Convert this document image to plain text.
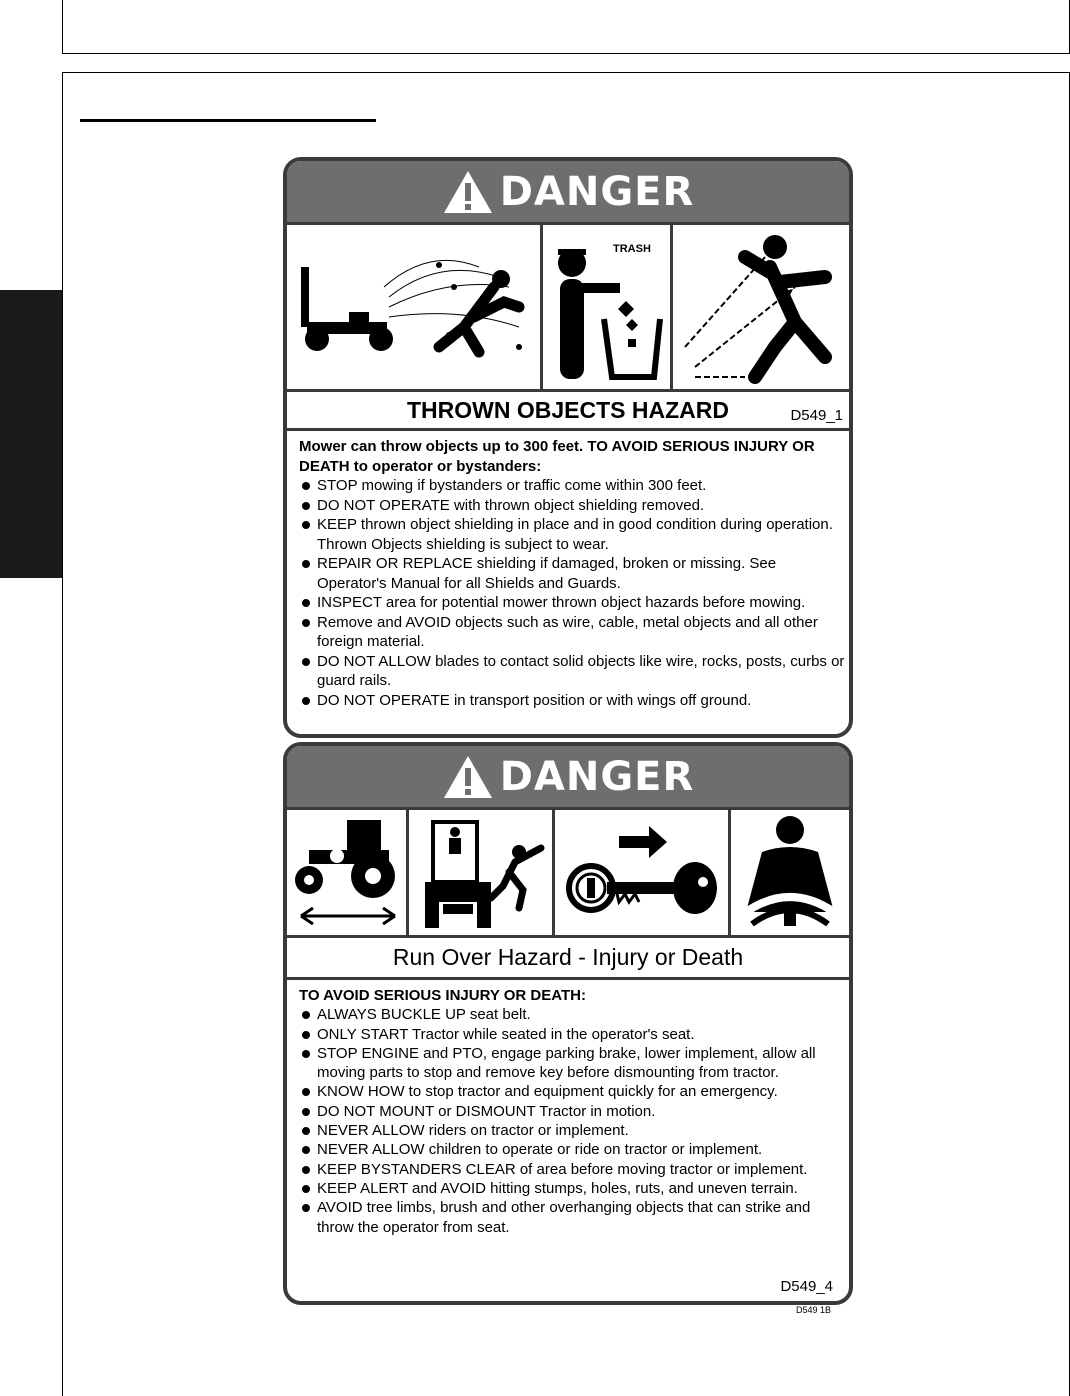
DANGER
TRASH
THROWN OBJECTS HAZARD	D549_1
Mower can throw objects up to 300 feet. TO AVOID SERIOUS INJURY OR DEATH to operator or bystanders:
STOP mowing if bystanders or traffic come within 300 feet.
DO NOT OPERATE with thrown object shielding removed.
KEEP thrown object shielding in place and in good condition during operation. Thrown Objects shielding is subject to wear.
REPAIR OR REPLACE shielding if damaged, broken or missing. See Operator's Manual for all Shields and Guards.
INSPECT area for potential mower thrown object hazards before mowing.
Remove and AVOID objects such as wire, cable, metal objects and all other foreign material.
DO NOT ALLOW blades to contact solid objects like wire, rocks, posts, curbs or guard rails.
DO NOT OPERATE in transport position or with wings off ground.
DANGER
Run Over Hazard - Injury or Death
TO AVOID SERIOUS INJURY OR DEATH:
ALWAYS BUCKLE UP seat belt.
ONLY START Tractor while seated in the operator's seat.
STOP ENGINE and PTO, engage parking brake, lower implement, allow all moving parts to stop and remove key before dismounting from tractor.
KNOW HOW to stop tractor and equipment quickly for an emergency.
DO NOT MOUNT or DISMOUNT Tractor in motion.
NEVER ALLOW riders on tractor or implement.
NEVER ALLOW children to operate or ride on tractor or implement.
KEEP BYSTANDERS CLEAR of area before moving tractor or implement.
KEEP ALERT and AVOID hitting stumps, holes, ruts, and uneven terrain.
AVOID tree limbs, brush and other overhanging objects that can strike and throw the operator from seat.
D549_4
D549 1B
